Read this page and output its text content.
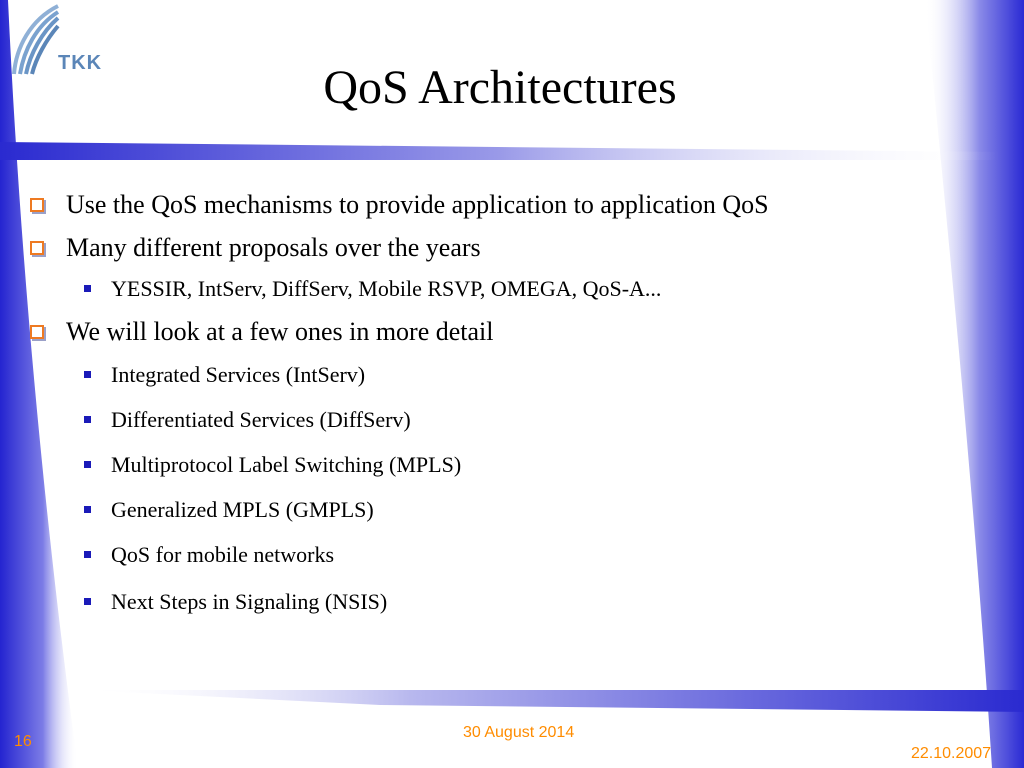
TKK	QoS Architectures
Use the QoS mechanisms to provide application to application QoS
Many different proposals over the years
YESSIR, IntServ, DiffServ, Mobile RSVP, OMEGA, QoS-A...
We will look at a few ones in more detail
Integrated Services (IntServ)
Differentiated Services (DiffServ)
Multiprotocol Label Switching (MPLS)
Generalized MPLS (GMPLS)
QoS for mobile networks
Next Steps in Signaling (NSIS)
16
30 August 2014
22.10.2007
